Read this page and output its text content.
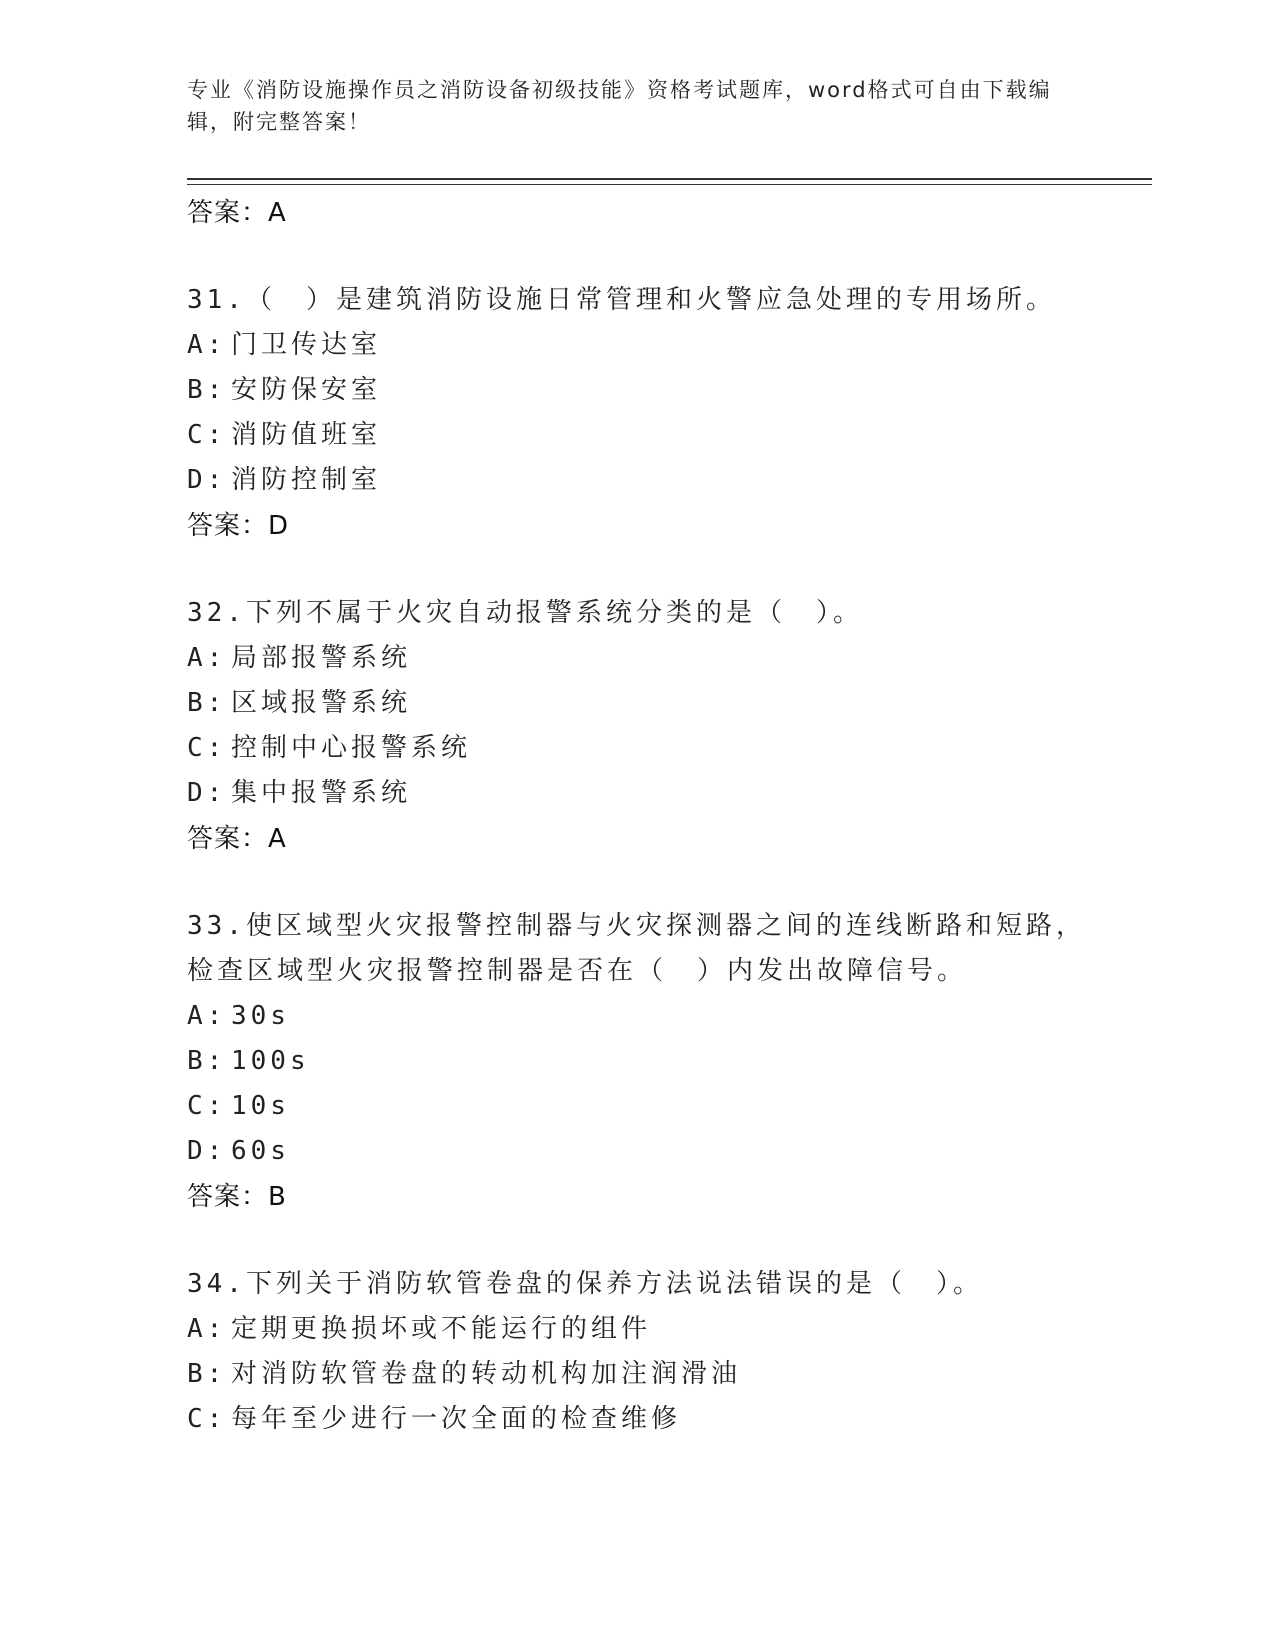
专业《消防设施操作员之消防设备初级技能》资格考试题库，word格式可自由下载编辑，附完整答案！
答案：A
31.（　）是建筑消防设施日常管理和火警应急处理的专用场所。
A: 门卫传达室
B: 安防保安室
C: 消防值班室
D: 消防控制室
答案：D
32.下列不属于火灾自动报警系统分类的是（　）。
A: 局部报警系统
B: 区域报警系统
C: 控制中心报警系统
D: 集中报警系统
答案：A
33.使区域型火灾报警控制器与火灾探测器之间的连线断路和短路，检查区域型火灾报警控制器是否在（　）内发出故障信号。
A: 30s
B: 100s
C: 10s
D: 60s
答案：B
34.下列关于消防软管卷盘的保养方法说法错误的是（　）。
A: 定期更换损坏或不能运行的组件
B: 对消防软管卷盘的转动机构加注润滑油
C: 每年至少进行一次全面的检查维修
